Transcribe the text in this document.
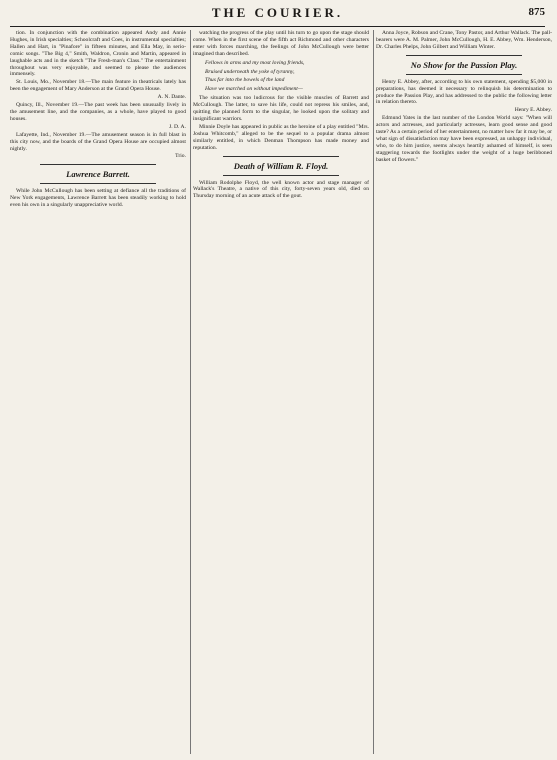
THE COURIER.	875

tion. In conjunction with the combination appeared Andy and Annie Hughes, in Irish specialties; Schoolcraft and Coes, in instrumental specialties; Hallen and Hart, in "Pinafore" in fifteen minutes, and Ella May, in serio-comic songs. "The Big 4," Smith, Waldron, Cronin and Martin, appeared in laughable acts and in the sketch "The Fresh-man's Class." The entertainment throughout was very enjoyable, and seemed to please the audiences immensely.

St. Louis, Mo., November 18.—The main feature in theatricals lately has been the engagement of Mary Anderson at the Grand Opera House.

A. N. Dante.

Quincy, Ill., November 19.—The past week has been unusually lively in the amusement line, and the companies, as a whole, have played to good houses.

J. D. A.

Lafayette, Ind., November 19.—The amusement season is in full blast in this city now, and the boards of the Grand Opera House are occupied almost nightly.

Trio.

Lawrence Barrett.

While John McCullough has been setting at defiance all the traditions of New York engagements, Lawrence Barrett has been steadily working to hold even his own in a singularly unappreciative world.

watching the progress of the play until his turn to go upon the stage should come. When in the first scene of the fifth act Richmond and other characters enter with forces marching, the feelings of John McCullough were better imagined than described.

Fellows in arms and my most loving friends,

Bruised underneath the yoke of tyranny,

Thus far into the bowels of the land

Have we marched on without impediment—

The situation was too ludicrous for the visible muscles of Barrett and McCullough. The latter, to save his life, could not repress his smiles, and, quitting the planned form to the singular, he looked upon the solitary and insignificant warriors.

Minnie Doyle has appeared in public as the heroine of a play entitled "Mrs. Joshua Whitcomb," alleged to be the sequel to a popular drama almost similarly entitled, in which Denman Thompson has made money and reputation.

Death of William R. Floyd.

William Rodolphe Floyd, the well known actor and stage manager of Wallack's Theatre, a native of this city, forty-seven years old, died on Thursday morning of an acute attack of the gout.

Anna Joyce, Robson and Crane, Tony Pastor, and Arthur Wallack. The pall-bearers were A. M. Palmer, John McCullough, H. E. Abbey, Wm. Henderson, Dr. Charles Phelps, John Gilbert and William Winter.

No Show for the Passion Play.

Henry E. Abbey, after, according to his own statement, spending $5,000 in preparations, has deemed it necessary to relinquish his determination to produce the Passion Play, and has addressed to the public the following letter in relation thereto.

Henry E. Abbey.

Edmund Yates in the last number of the London World says: "When will actors and actresses, and particularly actresses, learn good sense and good taste? As a certain period of her entertainment, no matter how far it may be, or what sign of dissatisfaction may have been expressed, an unhappy individual, who, to do him justice, seems always heartily ashamed of himself, is seen staggering towards the footlights under the weight of a huge beribboned basket of flowers."
